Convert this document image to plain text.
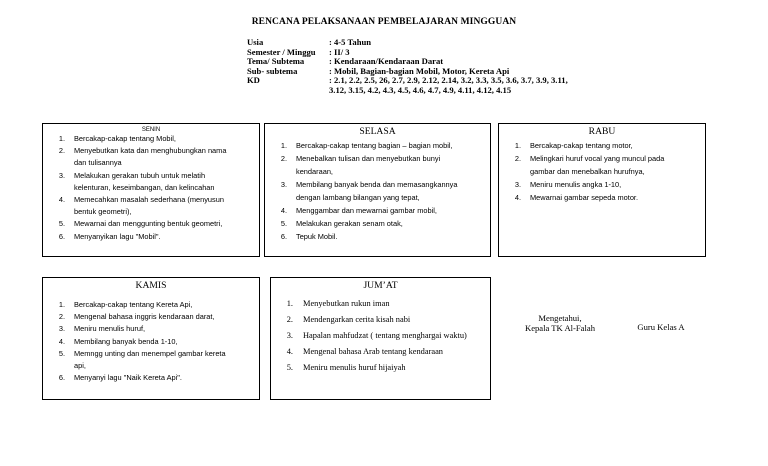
RENCANA PELAKSANAAN PEMBELAJARAN MINGGUAN
Usia	: 4-5 Tahun
Semester / Minggu	: II/ 3
Tema/ Subtema	: Kendaraan/Kendaraan Darat
Sub- subtema	: Mobil, Bagian-bagian Mobil, Motor, Kereta Api
KD	: 2.1, 2.2, 2.5, 26, 2.7, 2.9, 2.12, 2.14, 3.2, 3.3, 3.5, 3.6, 3.7, 3.9, 3.11,
3.12, 3.15, 4.2, 4.3, 4.5, 4.6, 4.7, 4.9, 4.11, 4.12, 4.15
SENIN
1.	Bercakap-cakap tentang Mobil,
2.	Menyebutkan kata dan menghubungkan nama
dan tulisannya
3.	Melakukan gerakan tubuh untuk melatih
kelenturan, keseimbangan, dan kelincahan
4.	Memecahkan masalah sederhana (menyusun
bentuk geometri),
5.	Mewarnai dan menggunting bentuk geometri,
6.	Menyanyikan lagu "Mobil".
SELASA
1.	Bercakap-cakap tentang bagian – bagian mobil,
2.	Menebalkan tulisan dan menyebutkan bunyi
kendaraan,
3.	Membilang banyak benda dan memasangkannya
dengan lambang bilangan yang tepat,
4.	Menggambar dan mewarnai gambar mobil,
5.	Melakukan gerakan senam otak,
6.	Tepuk Mobil.
RABU
1.	Bercakap-cakap tentang motor,
2.	Melingkari huruf vocal yang muncul pada
gambar dan menebalkan hurufnya,
3.	Meniru menulis angka 1-10,
4.	Mewarnai gambar sepeda motor.
KAMIS
1.	Bercakap-cakap tentang Kereta Api,
2.	Mengenal bahasa inggris kendaraan darat,
3.	Meniru menulis huruf,
4.	Membilang banyak benda 1-10,
5.	Memngg unting dan menempel gambar kereta
api,
6.	Menyanyi lagu "Naik Kereta Api".
JUM’AT
1.	Menyebutkan rukun iman
2.	Mendengarkan cerita kisah nabi
3.	Hapalan mahfudzat ( tentang menghargai waktu)
4.	Mengenal bahasa Arab tentang kendaraan
5.	Meniru menulis huruf hijaiyah
Mengetahui,
Kepala TK Al-Falah	Guru Kelas A
